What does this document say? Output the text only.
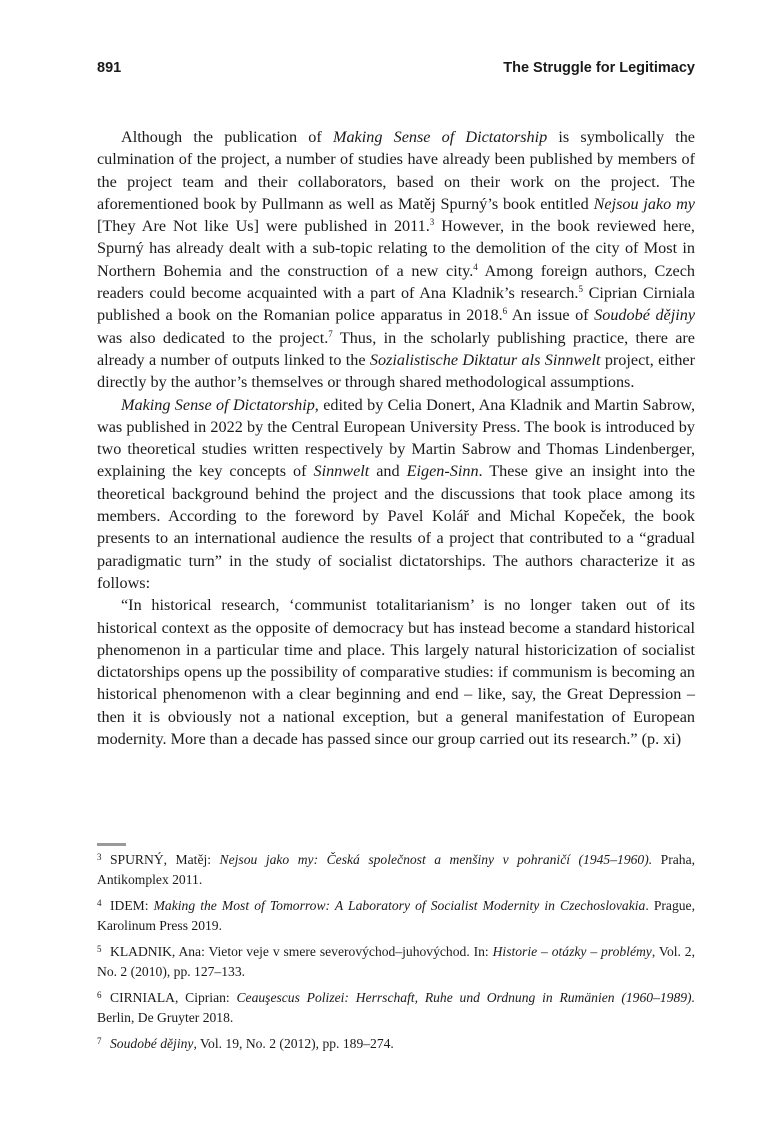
891	The Struggle for Legitimacy

Although the publication of Making Sense of Dictatorship is symbolically the culmination of the project, a number of studies have already been published by members of the project team and their collaborators, based on their work on the project. The aforementioned book by Pullmann as well as Matěj Spurný’s book entitled Nejsou jako my [They Are Not like Us] were published in 2011.$^3$ However, in the book reviewed here, Spurný has already dealt with a sub-topic relating to the demolition of the city of Most in Northern Bohemia and the construction of a new city.$^4$ Among foreign authors, Czech readers could become acquainted with a part of Ana Kladnik’s research.$^5$ Ciprian Cirniala published a book on the Romanian police apparatus in 2018.$^6$ An issue of Soudobé dějiny was also dedicated to the project.$^7$ Thus, in the scholarly publishing practice, there are already a number of outputs linked to the Sozialistische Diktatur als Sinnwelt project, either directly by the author’s themselves or through shared methodological assumptions.

Making Sense of Dictatorship, edited by Celia Donert, Ana Kladnik and Martin Sabrow, was published in 2022 by the Central European University Press. The book is introduced by two theoretical studies written respectively by Martin Sabrow and Thomas Lindenberger, explaining the key concepts of Sinnwelt and Eigen-Sinn. These give an insight into the theoretical background behind the project and the discussions that took place among its members. According to the foreword by Pavel Kolář and Michal Kopeček, the book presents to an international audience the results of a project that contributed to a “gradual paradigmatic turn” in the study of socialist dictatorships. The authors characterize it as follows:

“In historical research, ‘communist totalitarianism’ is no longer taken out of its historical context as the opposite of democracy but has instead become a standard historical phenomenon in a particular time and place. This largely natural historicization of socialist dictatorships opens up the possibility of comparative studies: if communism is becoming an historical phenomenon with a clear beginning and end – like, say, the Great Depression – then it is obviously not a national exception, but a general manifestation of European modernity. More than a decade has passed since our group carried out its research.” (p. xi)

3 SPURNÝ, Matěj: Nejsou jako my: Česká společnost a menšiny v pohraničí (1945–1960). Praha, Antikomplex 2011.

4 IDEM: Making the Most of Tomorrow: A Laboratory of Socialist Modernity in Czechoslovakia. Prague, Karolinum Press 2019.

5 KLADNIK, Ana: Vietor veje v smere severovýchod–juhovýchod. In: Historie – otázky – problémy, Vol. 2, No. 2 (2010), pp. 127–133.

6 CIRNIALA, Ciprian: Ceauşescus Polizei: Herrschaft, Ruhe und Ordnung in Rumänien (1960–1989). Berlin, De Gruyter 2018.

7 Soudobé dějiny, Vol. 19, No. 2 (2012), pp. 189–274.
